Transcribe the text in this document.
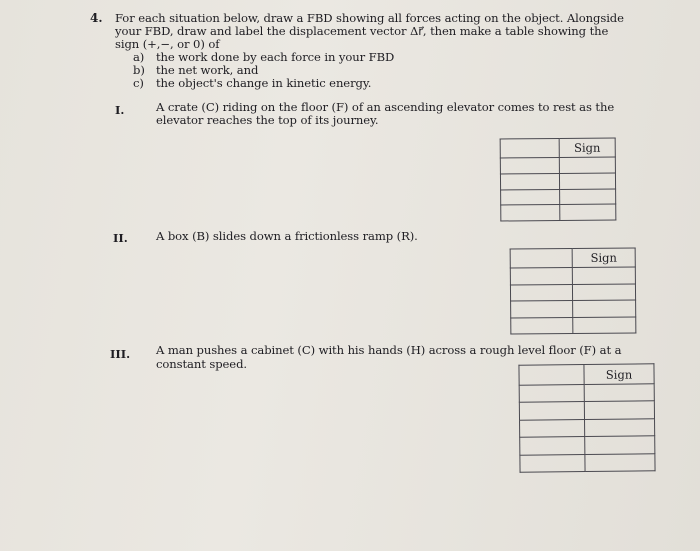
4. For each situation below, draw a FBD showing all forces acting on the object. Alongside
your FBD, draw and label the displacement vector Δr⃗, then make a table showing the
sign (+,−, or 0) of
a) the work done by each force in your FBD
b) the net work, and
c) the object's change in kinetic energy.
I.	A crate (C) riding on the floor (F) of an ascending elevator comes to rest as the
elevator reaches the top of its journey.
	Sign

II. A box (B) slides down a frictionless ramp (R).
	Sign

III. A man pushes a cabinet (C) with his hands (H) across a rough level floor (F) at a
constant speed.
	Sign
